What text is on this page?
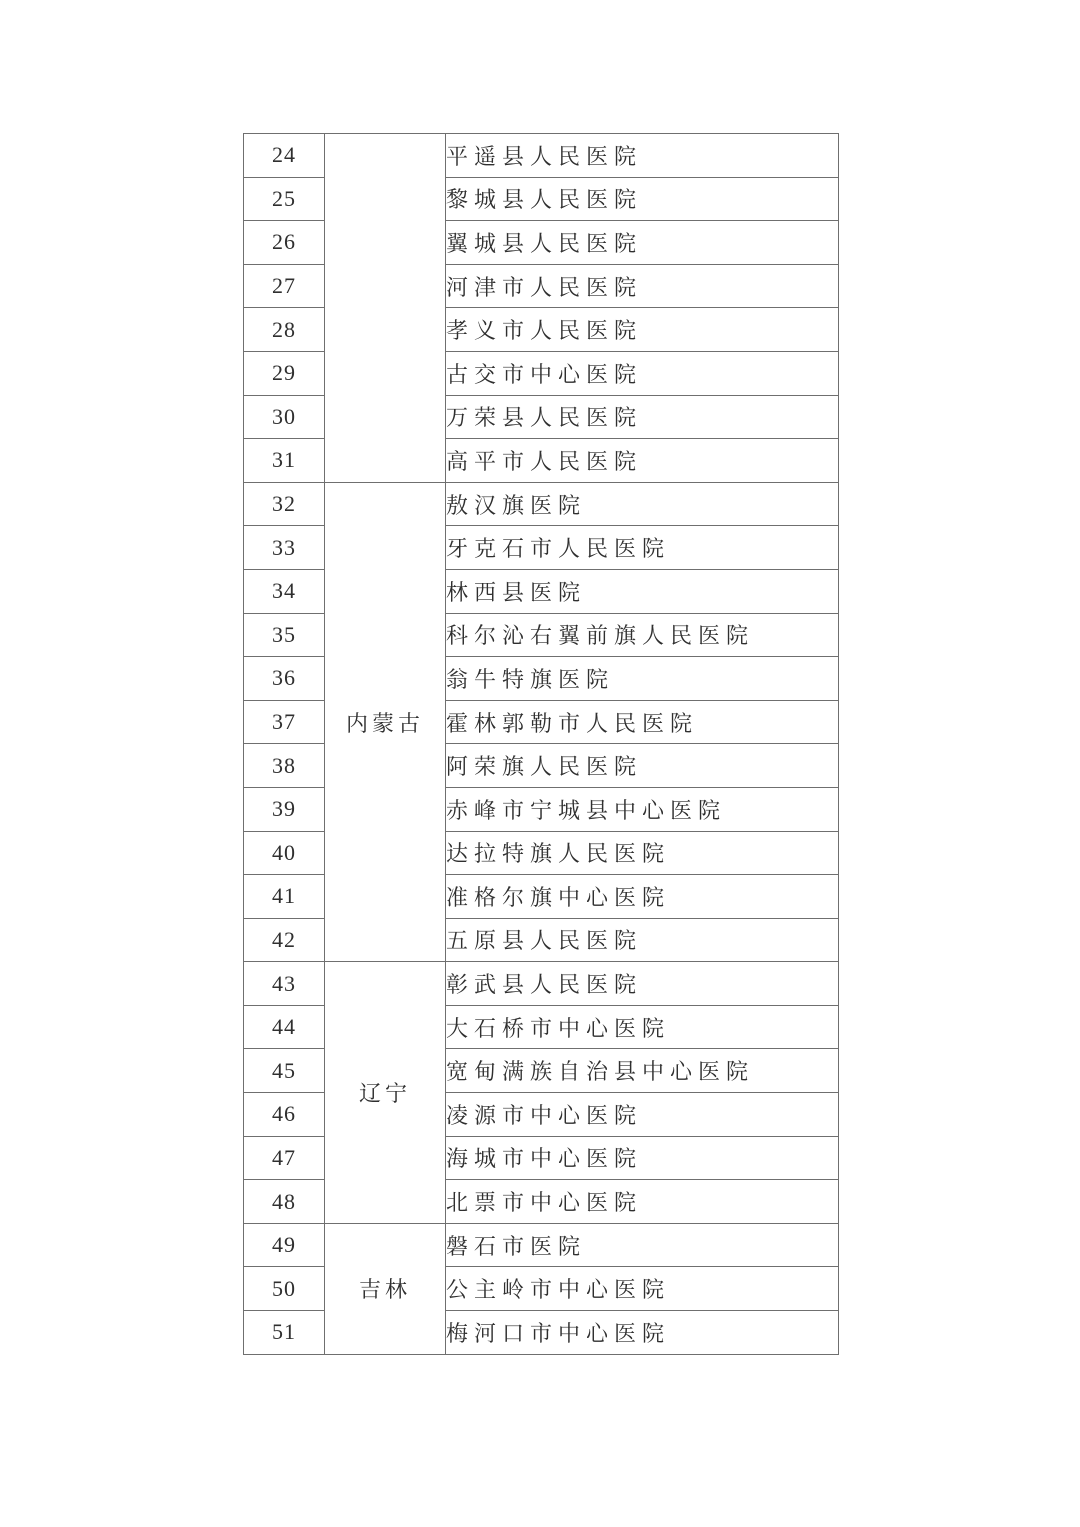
24		平遥县人民医院
25		黎城县人民医院
26		翼城县人民医院
27		河津市人民医院
28		孝义市人民医院
29		古交市中心医院
30		万荣县人民医院
31		高平市人民医院
32	内蒙古	敖汉旗医院
33		牙克石市人民医院
34		林西县医院
35		科尔沁右翼前旗人民医院
36		翁牛特旗医院
37		霍林郭勒市人民医院
38		阿荣旗人民医院
39		赤峰市宁城县中心医院
40		达拉特旗人民医院
41		准格尔旗中心医院
42		五原县人民医院
43	辽宁	彰武县人民医院
44		大石桥市中心医院
45		宽甸满族自治县中心医院
46		凌源市中心医院
47		海城市中心医院
48		北票市中心医院
49	吉林	磐石市医院
50		公主岭市中心医院
51		梅河口市中心医院
